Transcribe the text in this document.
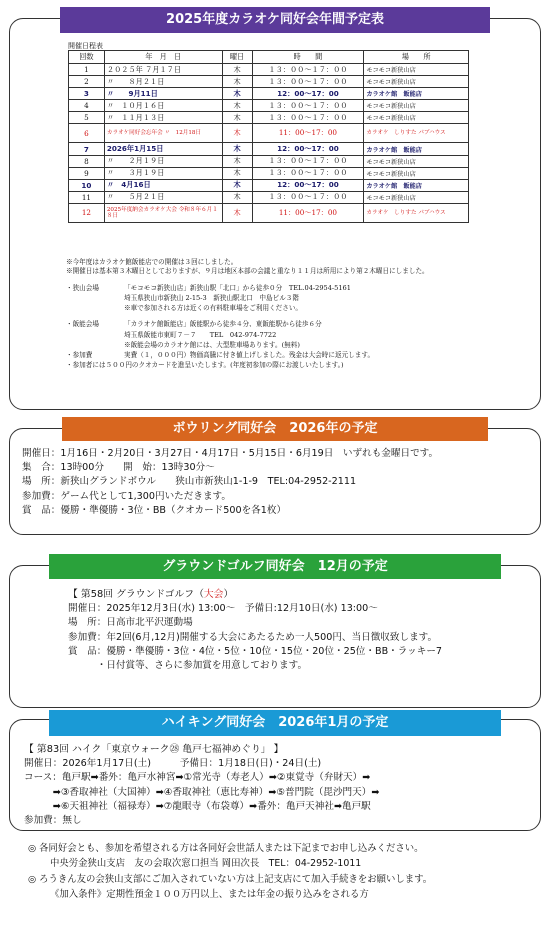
2025年度カラオケ同好会年間予定表
開催日程表
回数	年　月　日	曜日	時　　間	場　　所
1	２０２５年 ７月１７日	木	１３：００～１７：００	モコモコ新狭山店
2	〃　　８月２１日	木	１３：００～１７：００	モコモコ新狭山店
3	〃　　9月11日	木	12：00～17：00	カラオケ館　飯能店
4	〃　１０月１６日	木	１３：００～１７：００	モコモコ新狭山店
5	〃　１１月１３日	木	１３：００～１７：００	モコモコ新狭山店
6	カラオケ同好会忘年会 〃　12月18日	木	11：00～17：00	カラオケ　しりすた パブハウス
7	2026年1月15日	木	12：00～17：00	カラオケ館　飯能店
8	〃　　２月１９日	木	１３：００～１７：００	モコモコ新狭山店
9	〃　　３月１９日	木	１３：００～１７：００	モコモコ新狭山店
10	〃　4月16日	木	12：00～17：00	カラオケ館　飯能店
11	〃　　５月２１日	木	１３：００～１７：００	モコモコ新狭山店
12	2025年度納会カラオケ大会 令和８年６月１８日	木	11：00～17：00	カラオケ　しりすた パブハウス
※今年度はカラオケ館飯能店での開催は３回にしました。
※開催日は基本第３木曜日としておりますが、９月は地区本部の会議と重なり１１月は所用により第２木曜日にしました。
・狭山会場	「モコモコ新狭山店」新狭山駅「北口」から徒歩０分　TEL.04-2954-5161
埼玉県狭山市新狭山 2-15-3　新狭山駅北口　中島ビル３階
※車で参加される方は近くの有料駐車場をご利用ください。
・飯能会場	「カラオケ館飯能店」飯能駅から徒歩４分、東飯能駅から徒歩６分
埼玉県飯能市東町７－７　　TEL　042-974-7722
※飯能会場のカラオケ館には、大型駐車場あります。(無料)
・参加費	実費（１，０００円）物価高騰に付き値上げしました。残金は大会時に返元します。
・参加者には５００円のクオカードを進呈いたします。(年度初参加の際にお渡しいたします。)
ボウリング同好会　2026年の予定
開催日：1月16日・2月20日・3月27日・4月17日・5月15日・6月19日　いずれも金曜日です。
集　合：13時00分　　開　始：13時30分～
場　所：新狭山グランドボウル　　狭山市新狭山1-1-9　TEL:04-2952-2111
参加費：ゲーム代として1,300円いただきます。
賞　品：優勝・準優勝・3位・BB（クオカード500を各1枚）
グラウンドゴルフ同好会　12月の予定
【 第58回 グラウンドゴルフ（大会）
開催日：2025年12月3日(水) 13:00～　予備日:12月10日(水) 13:00～
場　所：日高市北平沢運動場
参加費：年2回(6月,12月)開催する大会にあたるため一人500円、当日徴収致します。
賞　品：優勝・準優勝・3位・4位・5位・10位・15位・20位・25位・BB・ラッキー7
　　　・日付賞等、さらに参加賞を用意しております。
ハイキング同好会　2026年1月の予定
【 第83回 ハイク「東京ウォーク㉘ 亀戸七福神めぐり」 】
開催日：2026年1月17日(土)　　　予備日：1月18日(日)・24日(土)
コース：亀戸駅➡番外：亀戸水神宮➡①常光寺（寿老人）➡②東覚寺（弁財天）➡
　　　➡③香取神社（大国神）➡④香取神社（恵比寿神）➡⑤普門院（毘沙門天）➡
　　　➡⑥天祖神社（福禄寿）➡⑦龍眼寺（布袋尊）➡番外：亀戸天神社➡亀戸駅
参加費：無し
◎ 各同好会とも、参加を希望される方は各同好会世話人または下記までお申し込みください。
中央労金狭山支店　友の会取次窓口担当 岡田次長　TEL：04-2952-1011
◎ ろうきん友の会狭山支部にご加入されていない方は上記支店にて加入手続きをお願いします。
《加入条件》定期性預金１００万円以上、または年金の振り込みをされる方
